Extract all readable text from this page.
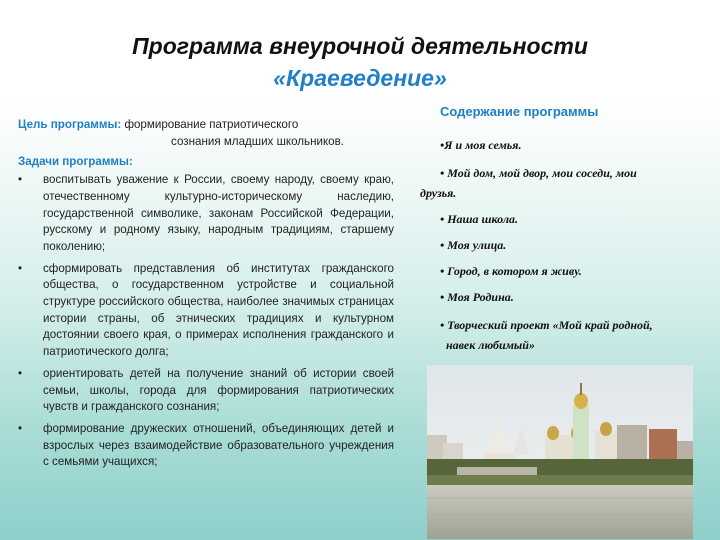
Программа внеурочной деятельности
«Краеведение»

Цель программы: формирование патриотического
сознания младших школьников.

Задачи программы:
• воспитывать уважение к России, своему народу, своему краю, отечественному культурно-историческому наследию, государственной символике, законам Российской Федерации, русскому и родному языку, народным традициям, старшему поколению;
• сформировать представления об институтах гражданского общества, о государственном устройстве и социальной структуре российского общества, наиболее значимых страницах истории страны, об этнических традициях и культурном достоянии своего края, о примерах исполнения гражданского и патриотического долга;
• ориентировать детей на получение знаний об истории своей семьи, школы, города для формирования патриотических чувств и гражданского сознания;
• формирование дружеских отношений, объединяющих детей и взрослых через взаимодействие образовательного учреждения с семьями учащихся;
Содержание программы
•Я и моя семья.
• Мой дом, мой двор, мои соседи, мои

друзья.
• Наша школа.
• Моя улица.
• Город, в котором я живу.
• Моя Родина.
• Творческий проект «Мой край родной,

навек любимый»
